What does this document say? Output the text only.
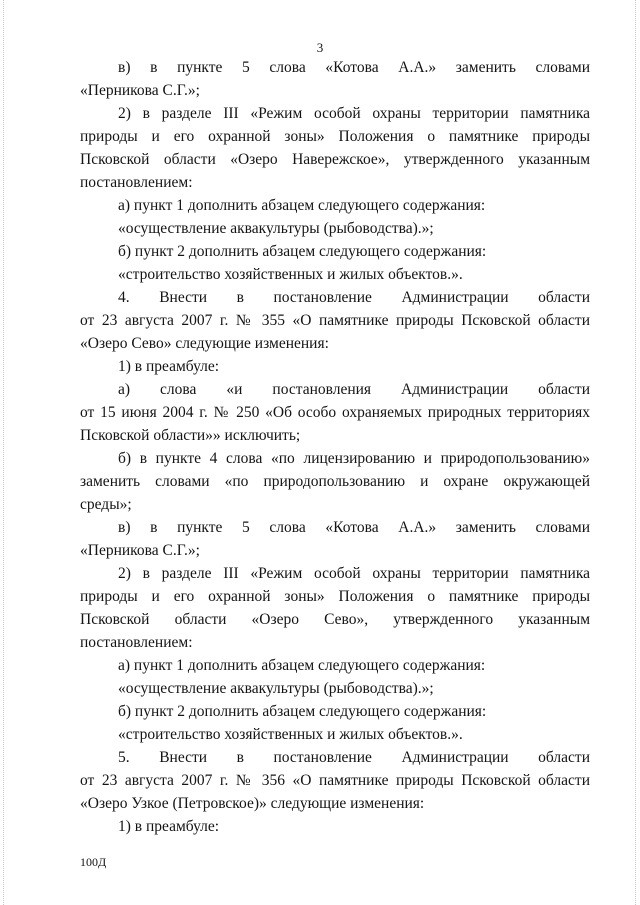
3

в) в пункте 5 слова «Котова А.А.» заменить словами

«Перникова С.Г.»;

2) в разделе III «Режим особой охраны территории памятника

природы и его охранной зоны» Положения о памятнике природы

Псковской области «Озеро Навережское», утвержденного указанным

постановлением:

а) пункт 1 дополнить абзацем следующего содержания:

«осуществление аквакультуры (рыбоводства).»;

б) пункт 2 дополнить абзацем следующего содержания:

«строительство хозяйственных и жилых объектов.».

4. Внести в постановление Администрации области

от 23 августа 2007 г. № 355 «О памятнике природы Псковской области

«Озеро Сево» следующие изменения:

1) в преамбуле:

а) слова «и постановления Администрации области

от 15 июня 2004 г. № 250 «Об особо охраняемых природных территориях

Псковской области»» исключить;

б) в пункте 4 слова «по лицензированию и природопользованию»

заменить словами «по природопользованию и охране окружающей

среды»;

в) в пункте 5 слова «Котова А.А.» заменить словами

«Перникова С.Г.»;

2) в разделе III «Режим особой охраны территории памятника

природы и его охранной зоны» Положения о памятнике природы

Псковской области «Озеро Сево», утвержденного указанным

постановлением:

а) пункт 1 дополнить абзацем следующего содержания:

«осуществление аквакультуры (рыбоводства).»;

б) пункт 2 дополнить абзацем следующего содержания:

«строительство хозяйственных и жилых объектов.».

5. Внести в постановление Администрации области

от 23 августа 2007 г. № 356 «О памятнике природы Псковской области

«Озеро Узкое (Петровское)» следующие изменения:

1) в преамбуле:

100Д
